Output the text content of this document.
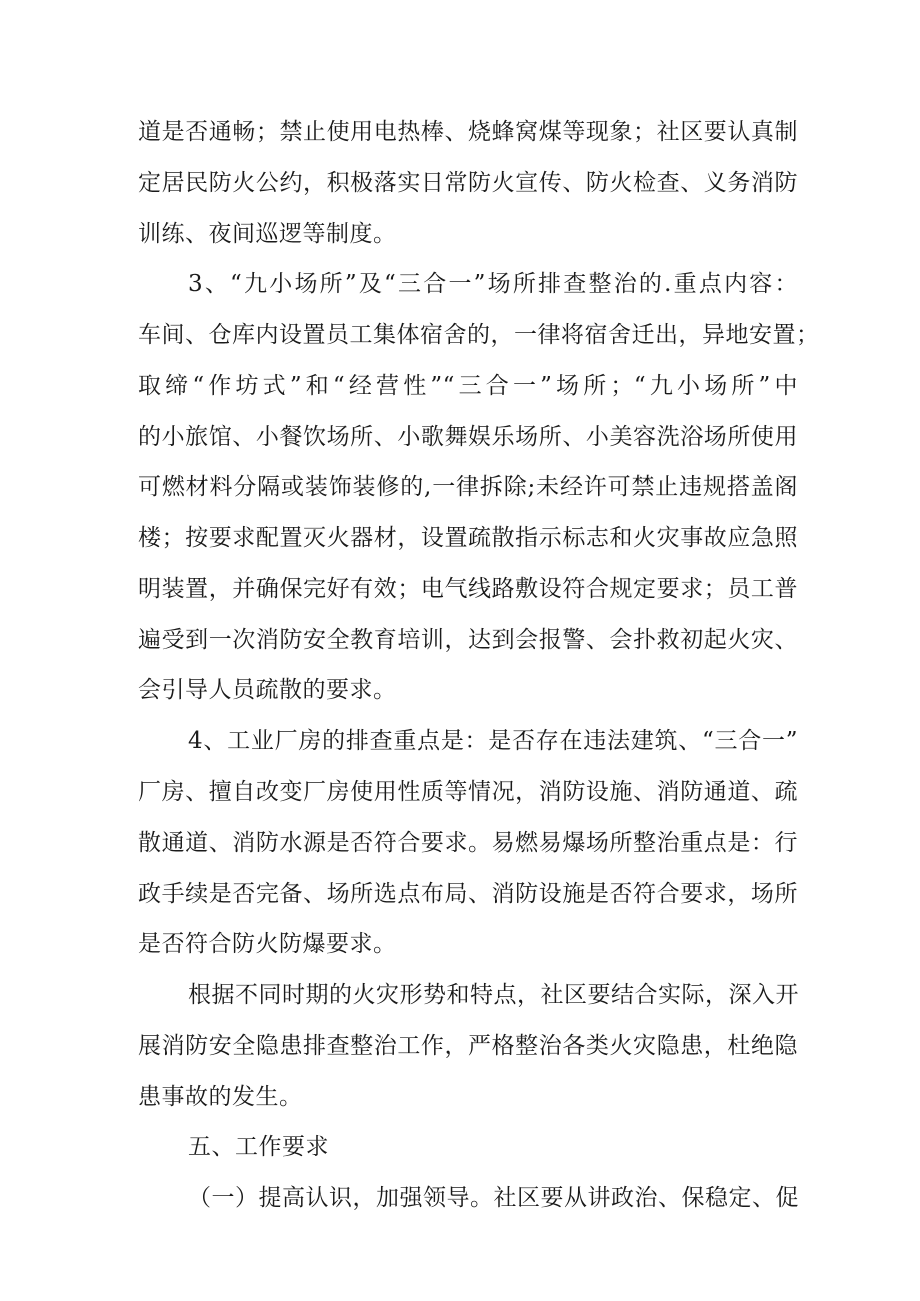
道是否通畅；禁止使用电热棒、烧蜂窝煤等现象；社区要认真制
定居民防火公约，积极落实日常防火宣传、防火检查、义务消防
训练、夜间巡逻等制度。
3、“九小场所”及“三合一”场所排查整治的.重点内容：
车间、仓库内设置员工集体宿舍的，一律将宿舍迁出，异地安置；
取缔“作坊式”和“经营性”“三合一”场所；“九小场所”中
的小旅馆、小餐饮场所、小歌舞娱乐场所、小美容洗浴场所使用
可燃材料分隔或装饰装修的,一律拆除;未经许可禁止违规搭盖阁
楼；按要求配置灭火器材，设置疏散指示标志和火灾事故应急照
明装置，并确保完好有效；电气线路敷设符合规定要求；员工普
遍受到一次消防安全教育培训，达到会报警、会扑救初起火灾、
会引导人员疏散的要求。
4、工业厂房的排查重点是：是否存在违法建筑、“三合一”
厂房、擅自改变厂房使用性质等情况，消防设施、消防通道、疏
散通道、消防水源是否符合要求。易燃易爆场所整治重点是：行
政手续是否完备、场所选点布局、消防设施是否符合要求，场所
是否符合防火防爆要求。
根据不同时期的火灾形势和特点，社区要结合实际，深入开
展消防安全隐患排查整治工作，严格整治各类火灾隐患，杜绝隐
患事故的发生。
五、工作要求
（一）提高认识，加强领导。社区要从讲政治、保稳定、促
